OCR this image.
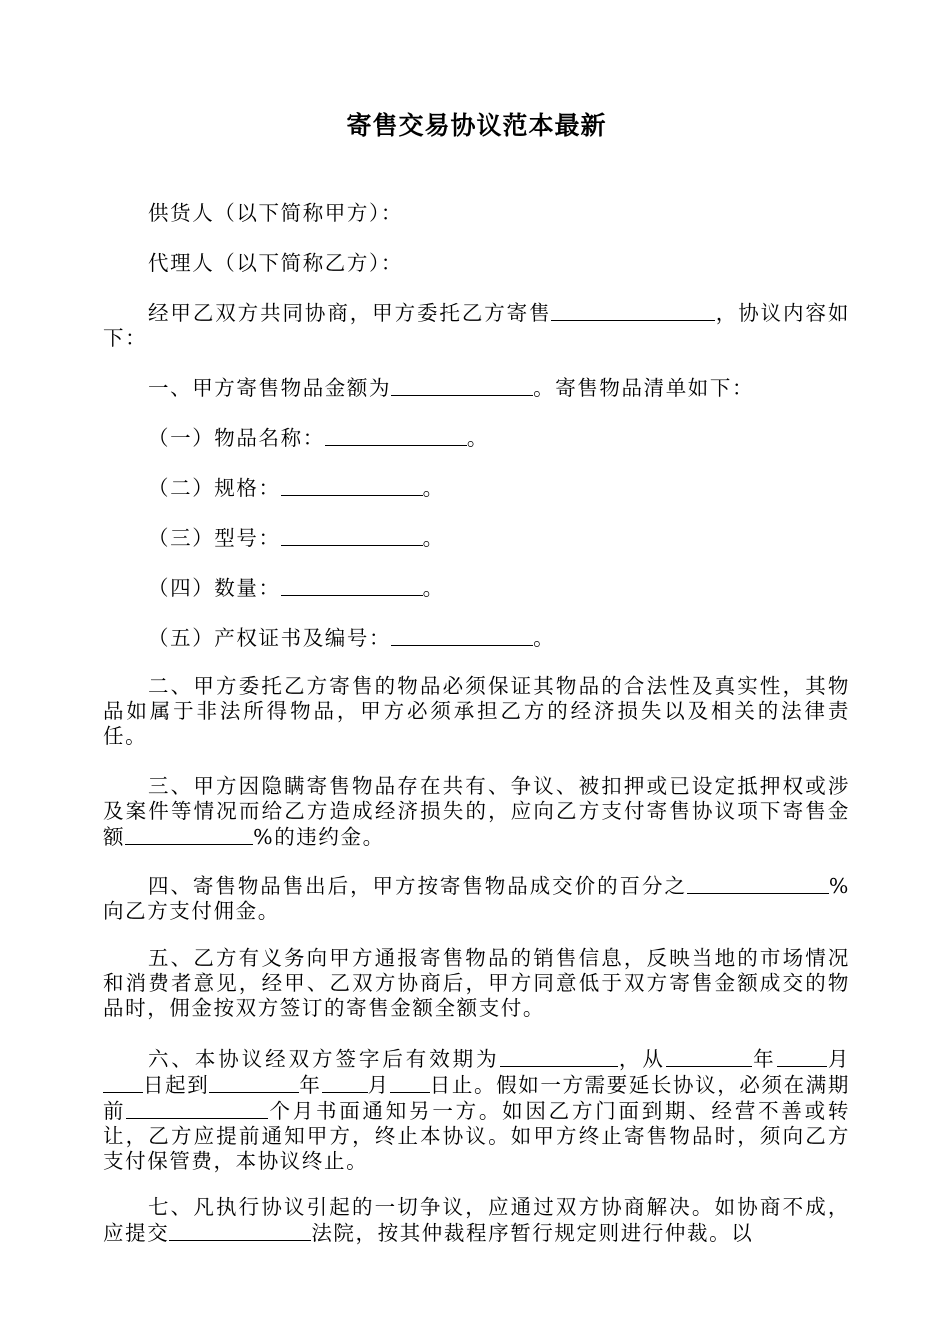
寄售交易协议范本最新

供货人（以下简称甲方）：

代理人（以下简称乙方）：

经甲乙双方共同协商，甲方委托乙方寄售	，协议内容如下：

一、甲方寄售物品金额为	。寄售物品清单如下：

（一）物品名称：	。

（二）规格：	。

（三）型号：	。

（四）数量：	。

（五）产权证书及编号：	。

二、甲方委托乙方寄售的物品必须保证其物品的合法性及真实性，其物品如属于非法所得物品，甲方必须承担乙方的经济损失以及相关的法律责任。

三、甲方因隐瞒寄售物品存在共有、争议、被扣押或已设定抵押权或涉及案件等情况而给乙方造成经济损失的，应向乙方支付寄售协议项下寄售金额	%的违约金。

四、寄售物品售出后，甲方按寄售物品成交价的百分之	%向乙方支付佣金。

五、乙方有义务向甲方通报寄售物品的销售信息，反映当地的市场情况和消费者意见，经甲、乙双方协商后，甲方同意低于双方寄售金额成交的物品时，佣金按双方签订的寄售金额全额支付。

六、本协议经双方签字后有效期为	，从	年 月日起到	年 月 日止。假如一方需要延长协议，必须在满期前	个月书面通知另一方。如因乙方门面到期、经营不善或转让，乙方应提前通知甲方，终止本协议。如甲方终止寄售物品时，须向乙方支付保管费，本协议终止。

七、凡执行协议引起的一切争议，应通过双方协商解决。如协商不成，应提交	法院，按其仲裁程序暂行规定则进行仲裁。以
